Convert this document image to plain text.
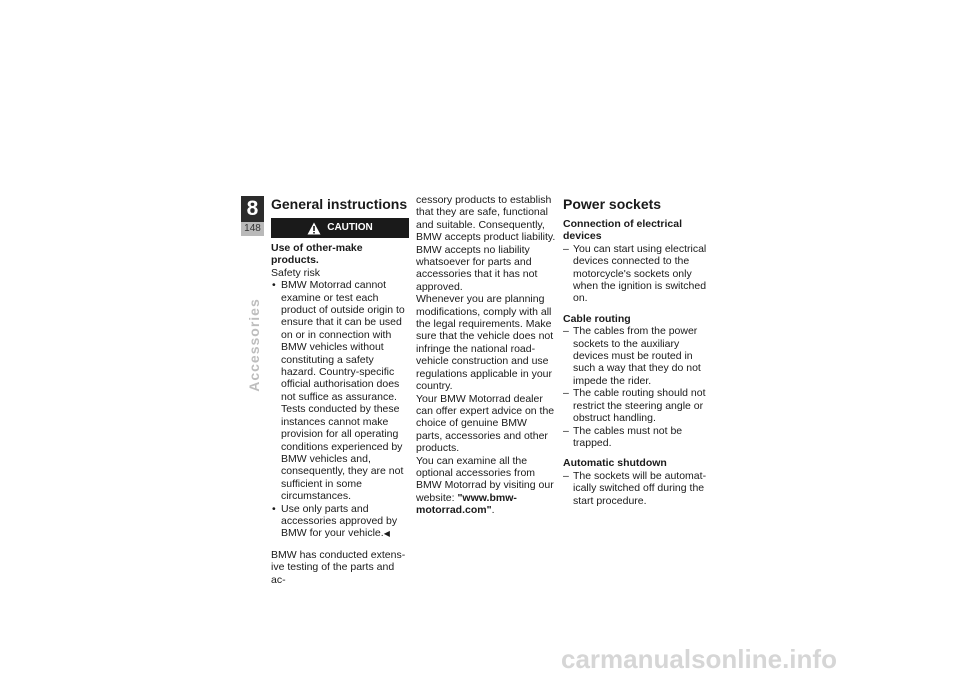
8
148
Accessories
General instructions
CAUTION

Use of other-make products.

Safety risk

• BMW Motorrad cannot examine or test each product of outside origin to ensure that it can be used on or in connection with BMW vehicles without constituting a safety hazard. Country-specific official authorisation does not suffice as assurance. Tests conducted by these instances cannot make provision for all operating conditions experienced by BMW vehicles and, consequently, they are not sufficient in some circumstances.
• Use only parts and accessories approved by BMW for your vehicle.◀

BMW has conducted extensive testing of the parts and ac-

cessory products to establish that they are safe, functional and suitable. Consequently, BMW accepts product liability. BMW accepts no liability whatsoever for parts and accessories that it has not approved.

Whenever you are planning modifications, comply with all the legal requirements. Make sure that the vehicle does not infringe the national road-vehicle construction and use regulations applicable in your country.

Your BMW Motorrad dealer can offer expert advice on the choice of genuine BMW parts, accessories and other products.

You can examine all the optional accessories from BMW Motorrad by visiting our website: "www.bmw-motorrad.com".

Power sockets

Connection of electrical devices

– You can start using electrical devices connected to the motorcycle's sockets only when the ignition is switched on.

Cable routing

– The cables from the power sockets to the auxiliary devices must be routed in such a way that they do not impede the rider.
– The cable routing should not restrict the steering angle or obstruct handling.
– The cables must not be trapped.

Automatic shutdown

– The sockets will be automatically switched off during the start procedure.
carmanualsonline.info
